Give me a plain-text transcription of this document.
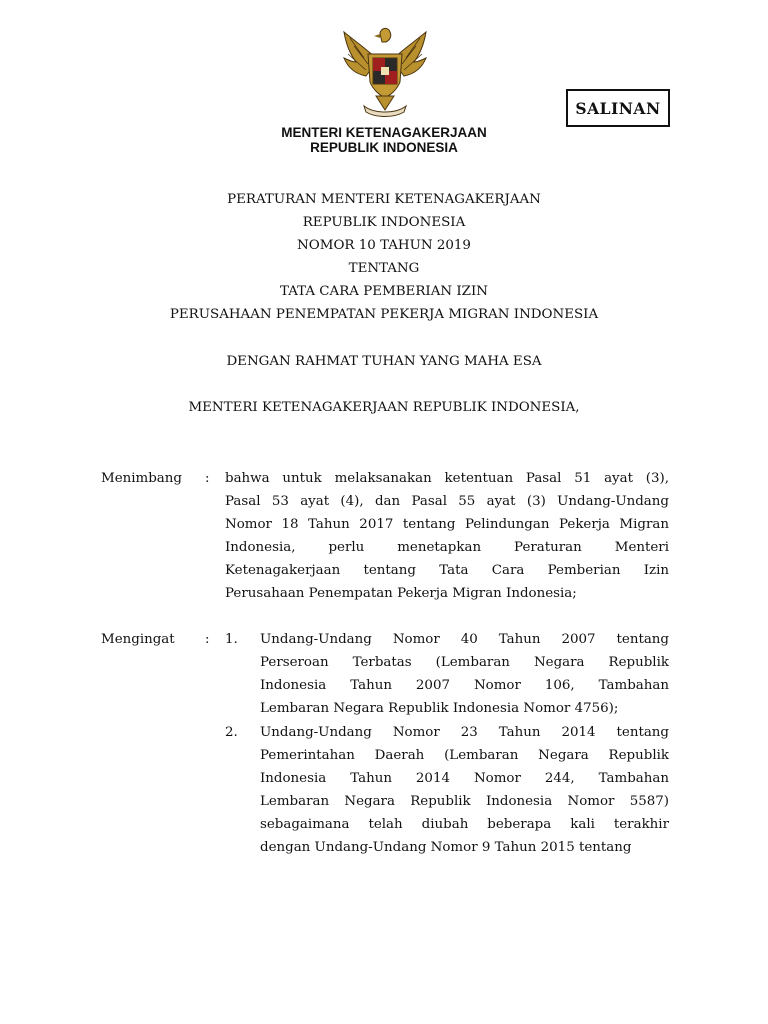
SALINAN
MENTERI KETENAGAKERJAAN
REPUBLIK INDONESIA
PERATURAN MENTERI KETENAGAKERJAAN
REPUBLIK INDONESIA
NOMOR 10 TAHUN 2019
TENTANG
TATA CARA PEMBERIAN IZIN
PERUSAHAAN PENEMPATAN PEKERJA MIGRAN INDONESIA
DENGAN RAHMAT TUHAN YANG MAHA ESA
MENTERI KETENAGAKERJAAN REPUBLIK INDONESIA,
Menimbang : bahwa untuk melaksanakan ketentuan Pasal 51 ayat (3),
Pasal 53 ayat (4), dan Pasal 55 ayat (3) Undang-Undang
Nomor 18 Tahun 2017 tentang Pelindungan Pekerja Migran
Indonesia, perlu menetapkan Peraturan Menteri
Ketenagakerjaan tentang Tata Cara Pemberian Izin
Perusahaan Penempatan Pekerja Migran Indonesia;
Mengingat : 1. Undang-Undang Nomor 40 Tahun 2007 tentang
Perseroan Terbatas (Lembaran Negara Republik
Indonesia Tahun 2007 Nomor 106, Tambahan
Lembaran Negara Republik Indonesia Nomor 4756);
2. Undang-Undang Nomor 23 Tahun 2014 tentang
Pemerintahan Daerah (Lembaran Negara Republik
Indonesia Tahun 2014 Nomor 244, Tambahan
Lembaran Negara Republik Indonesia Nomor 5587)
sebagaimana telah diubah beberapa kali terakhir
dengan Undang-Undang Nomor 9 Tahun 2015 tentang
